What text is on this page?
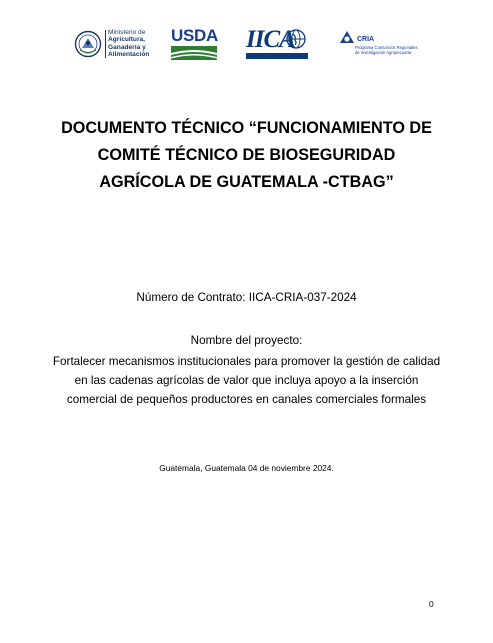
Ministerio de
Agricultura,
Ganadería y
Alimentación
USDA IICA	CRIA
Programa Consorcios Regionales
de Investigación Agropecuaria
DOCUMENTO TÉCNICO “FUNCIONAMIENTO DE
COMITÉ TÉCNICO DE BIOSEGURIDAD
AGRÍCOLA DE GUATEMALA -CTBAG”
Número de Contrato: IICA-CRIA-037-2024
Nombre del proyecto:
Fortalecer mecanismos institucionales para promover la gestión de calidad
en las cadenas agrícolas de valor que incluya apoyo a la inserción
comercial de pequeños productores en canales comerciales formales
Guatemala, Guatemala 04 de noviembre 2024.
0
